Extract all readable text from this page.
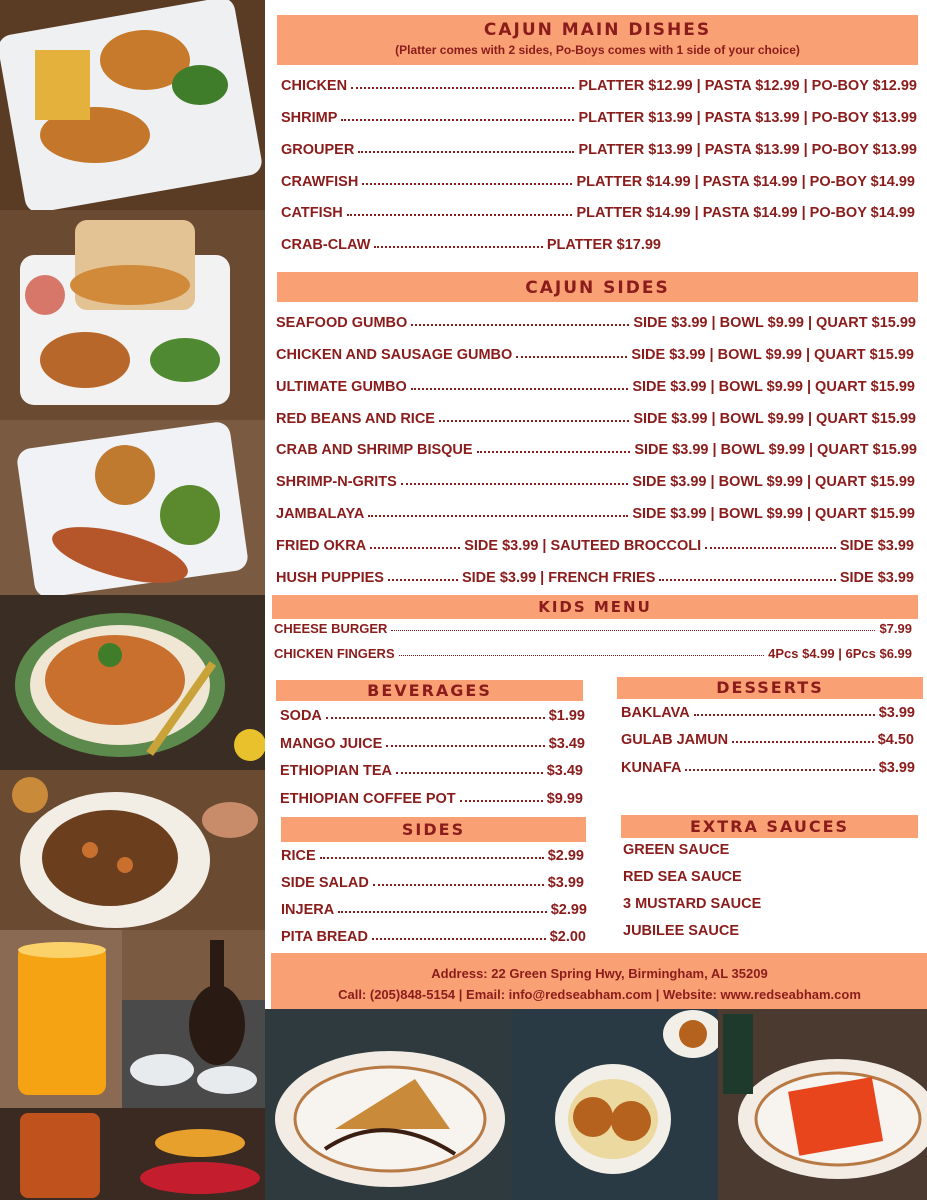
CAJUN MAIN DISHES
(Platter comes with 2 sides, Po-Boys comes with 1 side of your choice)
CHICKEN	PLATTER $12.99 | PASTA $12.99 | PO-BOY $12.99
SHRIMP	PLATTER $13.99 | PASTA $13.99 | PO-BOY $13.99
GROUPER	PLATTER $13.99 | PASTA $13.99 | PO-BOY $13.99
CRAWFISH	PLATTER $14.99 | PASTA $14.99 | PO-BOY $14.99
CATFISH	PLATTER $14.99 | PASTA $14.99 | PO-BOY $14.99
CRAB-CLAW	PLATTER $17.99
CAJUN SIDES
SEAFOOD GUMBO	SIDE $3.99 | BOWL $9.99 | QUART $15.99
CHICKEN AND SAUSAGE GUMBO	SIDE $3.99 | BOWL $9.99 | QUART $15.99
ULTIMATE GUMBO	SIDE $3.99 | BOWL $9.99 | QUART $15.99
RED BEANS AND RICE	SIDE $3.99 | BOWL $9.99 | QUART $15.99
CRAB AND SHRIMP BISQUE	SIDE $3.99 | BOWL $9.99 | QUART $15.99
SHRIMP-N-GRITS	SIDE $3.99 | BOWL $9.99 | QUART $15.99
JAMBALAYA	SIDE $3.99 | BOWL $9.99 | QUART $15.99
FRIED OKRA	SIDE $3.99 | SAUTEED BROCCOLI	SIDE $3.99
HUSH PUPPIES	SIDE $3.99 | FRENCH FRIES	SIDE $3.99
KIDS MENU
CHEESE BURGER	$7.99
CHICKEN FINGERS	4Pcs $4.99 | 6Pcs $6.99
BEVERAGES
SODA	$1.99
MANGO JUICE	$3.49
ETHIOPIAN TEA	$3.49
ETHIOPIAN COFFEE POT	$9.99
SIDES
RICE	$2.99
SIDE SALAD	$3.99
INJERA	$2.99
PITA BREAD	$2.00
DESSERTS
BAKLAVA	$3.99
GULAB JAMUN	$4.50
KUNAFA	$3.99
EXTRA SAUCES
GREEN SAUCE
RED SEA SAUCE
3 MUSTARD SAUCE
JUBILEE SAUCE
Address: 22 Green Spring Hwy, Birmingham, AL 35209
Call: (205)848-5154 | Email: info@redseabham.com | Website: www.redseabham.com
